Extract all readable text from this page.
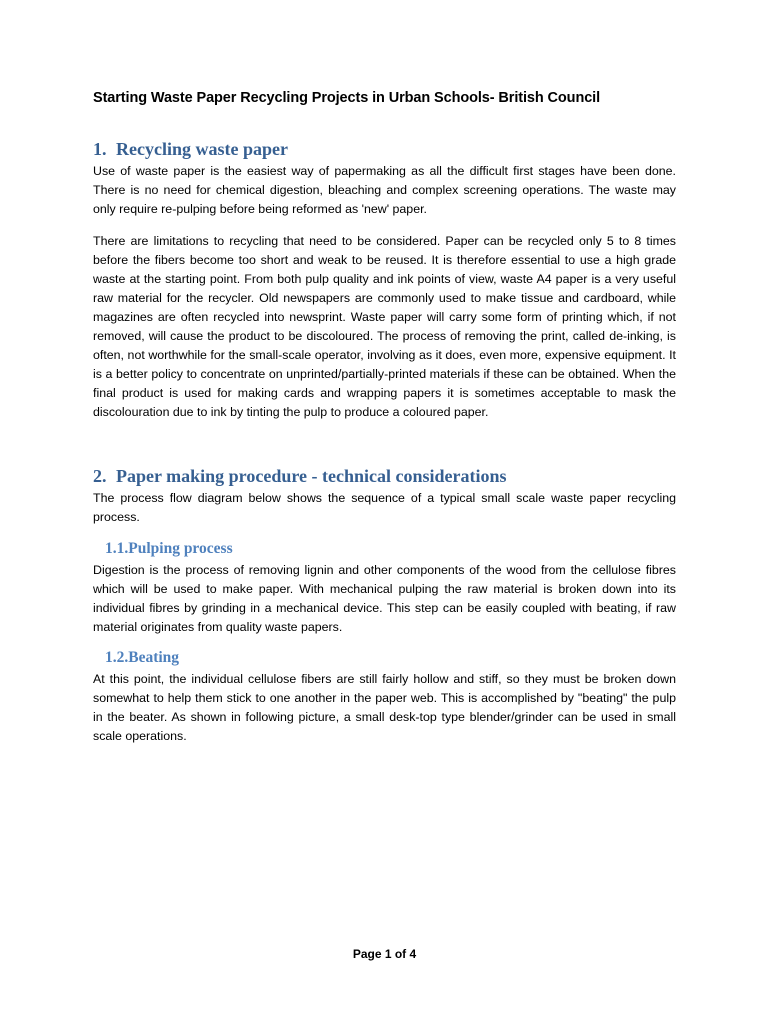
Starting Waste Paper Recycling Projects in Urban Schools- British Council
1. Recycling waste paper

Use of waste paper is the easiest way of papermaking as all the difficult first stages have been done. There is no need for chemical digestion, bleaching and complex screening operations. The waste may only require re-pulping before being reformed as 'new' paper.

There are limitations to recycling that need to be considered. Paper can be recycled only 5 to 8 times before the fibers become too short and weak to be reused. It is therefore essential to use a high grade waste at the starting point. From both pulp quality and ink points of view, waste A4 paper is a very useful raw material for the recycler. Old newspapers are commonly used to make tissue and cardboard, while magazines are often recycled into newsprint. Waste paper will carry some form of printing which, if not removed, will cause the product to be discoloured. The process of removing the print, called de-inking, is often, not worthwhile for the small-scale operator, involving as it does, even more, expensive equipment. It is a better policy to concentrate on unprinted/partially-printed materials if these can be obtained. When the final product is used for making cards and wrapping papers it is sometimes acceptable to mask the discolouration due to ink by tinting the pulp to produce a coloured paper.

2. Paper making procedure - technical considerations

The process flow diagram below shows the sequence of a typical small scale waste paper recycling process.

1.1.Pulping process

Digestion is the process of removing lignin and other components of the wood from the cellulose fibres which will be used to make paper. With mechanical pulping the raw material is broken down into its individual fibres by grinding in a mechanical device. This step can be easily coupled with beating, if raw material originates from quality waste papers.

1.2.Beating

At this point, the individual cellulose fibers are still fairly hollow and stiff, so they must be broken down somewhat to help them stick to one another in the paper web. This is accomplished by "beating" the pulp in the beater. As shown in following picture, a small desk-top type blender/grinder can be used in small scale operations.

Page 1 of 4
